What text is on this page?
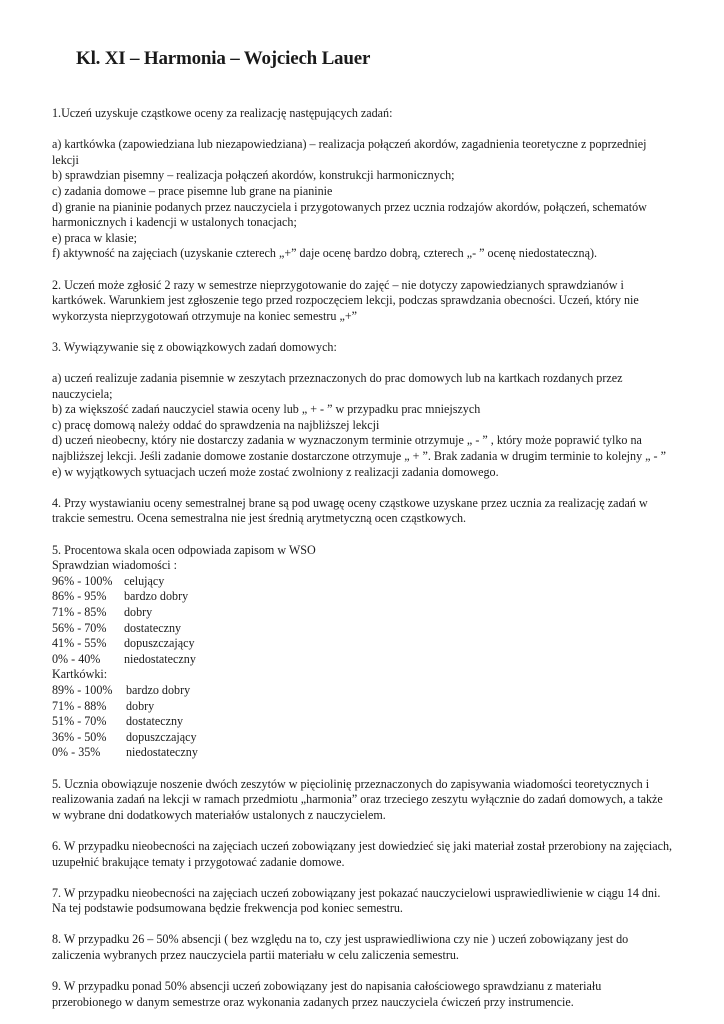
Kl. XI – Harmonia – Wojciech Lauer
1.Uczeń uzyskuje cząstkowe oceny za realizację następujących zadań:
a) kartkówka (zapowiedziana lub niezapowiedziana) – realizacja połączeń akordów, zagadnienia teoretyczne z poprzedniej lekcji
b) sprawdzian pisemny – realizacja połączeń akordów, konstrukcji harmonicznych;
c) zadania domowe – prace pisemne lub grane na pianinie
d) granie na pianinie podanych przez nauczyciela i przygotowanych przez ucznia rodzajów akordów, połączeń, schematów harmonicznych i kadencji w ustalonych tonacjach;
e) praca w klasie;
f) aktywność na zajęciach (uzyskanie czterech „+” daje ocenę bardzo dobrą, czterech „- ” ocenę niedostateczną).
2. Uczeń może zgłosić 2 razy w semestrze nieprzygotowanie do zajęć – nie dotyczy zapowiedzianych sprawdzianów i kartkówek. Warunkiem jest zgłoszenie tego przed rozpoczęciem lekcji, podczas sprawdzania obecności. Uczeń, który nie wykorzysta nieprzygotowań otrzymuje na koniec semestru „+”
3. Wywiązywanie się z obowiązkowych zadań domowych:
a) uczeń realizuje zadania pisemnie w zeszytach przeznaczonych do prac domowych lub na kartkach rozdanych przez nauczyciela;
b) za większość zadań nauczyciel stawia oceny lub „ + - ” w przypadku prac mniejszych
c) pracę domową należy oddać do sprawdzenia na najbliższej lekcji
d) uczeń nieobecny, który nie dostarczy zadania w wyznaczonym terminie otrzymuje „ - ” , który może poprawić tylko na najbliższej lekcji. Jeśli zadanie domowe zostanie dostarczone otrzymuje „ + ”. Brak zadania w drugim terminie to kolejny „ - ”
e) w wyjątkowych sytuacjach uczeń może zostać zwolniony z realizacji zadania domowego.
4. Przy wystawianiu oceny semestralnej brane są pod uwagę oceny cząstkowe uzyskane przez ucznia za realizację zadań w trakcie semestru. Ocena semestralna nie jest średnią arytmetyczną ocen cząstkowych.
5. Procentowa skala ocen odpowiada zapisom w WSO
Sprawdzian wiadomości :
96% - 100% celujący
86% - 95%	bardzo dobry
71% - 85%	dobry
56% - 70%	dostateczny
41% - 55%	dopuszczający
0% - 40%	niedostateczny
Kartkówki:
89% - 100%	bardzo dobry
71% - 88%	dobry
51% - 70%	dostateczny
36% - 50%	dopuszczający
0% - 35%	niedostateczny
5. Ucznia obowiązuje noszenie dwóch zeszytów w pięciolinię przeznaczonych do zapisywania wiadomości teoretycznych i realizowania zadań na lekcji w ramach przedmiotu „harmonia” oraz trzeciego zeszytu wyłącznie do zadań domowych, a także w wybrane dni dodatkowych materiałów ustalonych z nauczycielem.
6. W przypadku nieobecności na zajęciach uczeń zobowiązany jest dowiedzieć się jaki materiał został przerobiony na zajęciach, uzupełnić brakujące tematy i przygotować zadanie domowe.
7. W przypadku nieobecności na zajęciach uczeń zobowiązany jest pokazać nauczycielowi usprawiedliwienie w ciągu 14 dni. Na tej podstawie podsumowana będzie frekwencja pod koniec semestru.
8. W przypadku 26 – 50% absencji ( bez względu na to, czy jest usprawiedliwiona czy nie ) uczeń zobowiązany jest do zaliczenia wybranych przez nauczyciela partii materiału w celu zaliczenia semestru.
9. W przypadku ponad 50% absencji uczeń zobowiązany jest do napisania całościowego sprawdzianu z materiału przerobionego w danym semestrze oraz wykonania zadanych przez nauczyciela ćwiczeń przy instrumencie.
